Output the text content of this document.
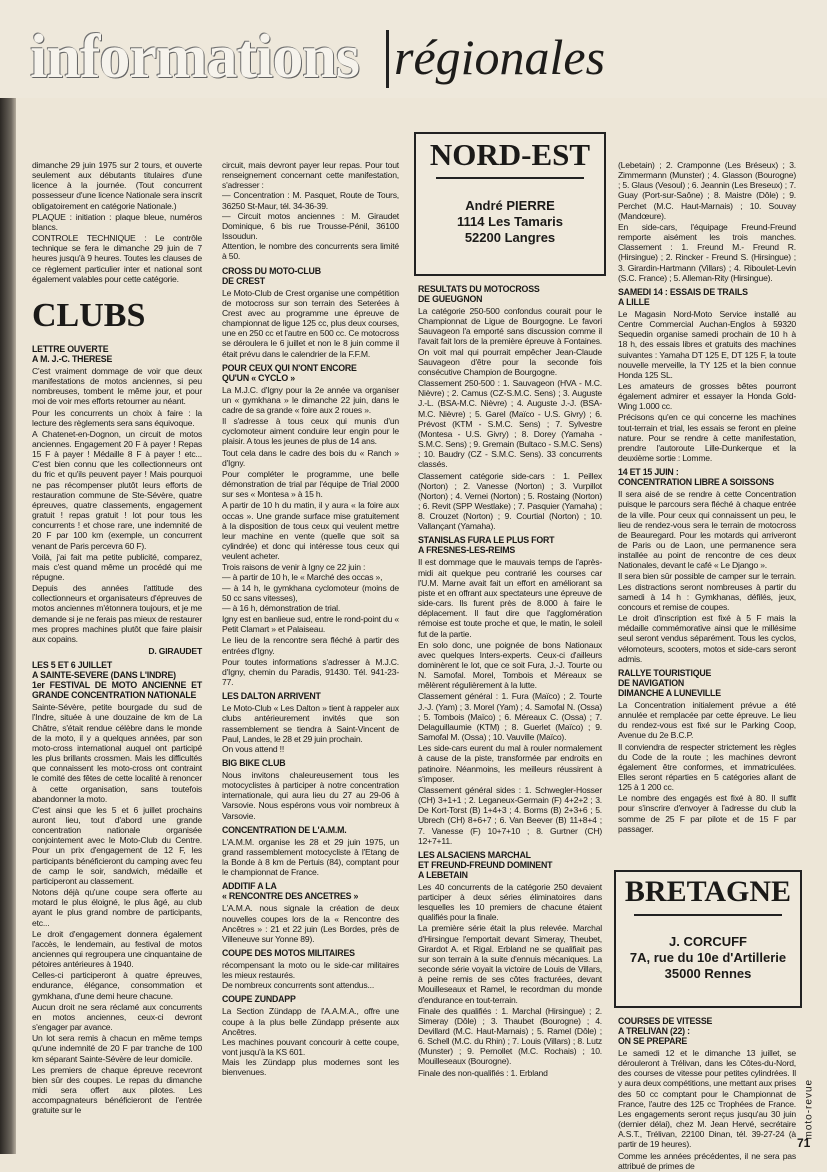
informations régionales

dimanche 29 juin 1975 sur 2 tours, et ouverte seulement aux débutants titulaires d'une licence à la journée. (Tout concurrent possesseur d'une licence Nationale sera inscrit obligatoirement en catégorie Nationale.)

PLAQUE : initiation : plaque bleue, numéros blancs.

CONTROLE TECHNIQUE : Le contrôle technique se fera le dimanche 29 juin de 7 heures jusqu'à 9 heures. Toutes les clauses de ce règlement particulier inter et national sont également valables pour cette catégorie.

CLUBS
LETTRE OUVERTE
A M. J.-C. THERESE

C'est vraiment dommage de voir que deux manifestations de motos anciennes, si peu nombreuses, tombent le même jour, et pour moi de voir mes efforts retourner au néant.

Pour les concurrents un choix à faire : la lecture des règlements sera sans équivoque.

A Chatenet-en-Dognon, un circuit de motos anciennes. Engagement 20 F à payer ! Repas 15 F à payer ! Médaille 8 F à payer ! etc... C'est bien connu que les collectionneurs ont du fric et qu'ils peuvent payer ! Mais pourquoi ne pas récompenser plutôt leurs efforts de restauration commune de Ste-Sévère, quatre épreuves, quatre classements, engagement gratuit ! repas gratuit ! lot pour tous les concurrents ! et chose rare, une indemnité de 20 F par 100 km (exemple, un concurrent venant de Paris percevra 60 F).

Voilà, j'ai fait ma petite publicité, comparez, mais c'est quand même un procédé qui me répugne.

Depuis des années l'attitude des collectionneurs et organisateurs d'épreuves de motos anciennes m'étonnera toujours, et je me demande si je ne ferais pas mieux de restaurer mes propres machines plutôt que faire plaisir aux copains.

D. GIRAUDET
LES 5 ET 6 JUILLET
A SAINTE-SEVERE (DANS L'INDRE)
1er FESTIVAL DE MOTO ANCIENNE ET GRANDE CONCENTRATION NATIONALE

Sainte-Sévère, petite bourgade du sud de l'Indre, située à une douzaine de km de La Châtre, s'était rendue célèbre dans le monde de la moto, il y a quelques années, par son moto-cross international auquel ont participé les plus brillants crossmen. Mais les difficultés que connaissent les moto-cross ont contraint le comité des fêtes de cette localité à renoncer à cette organisation, sans toutefois abandonner la moto.

C'est ainsi que les 5 et 6 juillet prochains auront lieu, tout d'abord une grande concentration nationale organisée conjointement avec le Moto-Club du Centre. Pour un prix d'engagement de 12 F, les participants bénéficieront du camping avec feu de camp le soir, sandwich, médaille et participeront au classement.

Notons déjà qu'une coupe sera offerte au motard le plus éloigné, le plus âgé, au club ayant le plus grand nombre de participants, etc...

Le droit d'engagement donnera également l'accès, le lendemain, au festival de motos anciennes qui regroupera une cinquantaine de pétoires antérieures à 1940.

Celles-ci participeront à quatre épreuves, endurance, élégance, consommation et gymkhana, d'une demi heure chacune.

Aucun droit ne sera réclamé aux concurrents en motos anciennes, ceux-ci devront s'engager par avance.

Un lot sera remis à chacun en même temps qu'une indemnité de 20 F par tranche de 100 km séparant Sainte-Sévère de leur domicile.

Les premiers de chaque épreuve recevront bien sûr des coupes. Le repas du dimanche midi sera offert aux pilotes. Les accompagnateurs bénéficieront de l'entrée gratuite sur le

circuit, mais devront payer leur repas. Pour tout renseignement concernant cette manifestation, s'adresser :
— Concentration : M. Pasquet, Route de Tours, 36250 St-Maur, tél. 34-36-39.
— Circuit motos anciennes : M. Giraudet Dominique, 6 bis rue Trousse-Pénil, 36100 Issoudun.
Attention, le nombre des concurrents sera limité à 50.

CROSS DU MOTO-CLUB
DE CREST

Le Moto-Club de Crest organise une compétition de motocross sur son terrain des Seterées à Crest avec au programme une épreuve de championnat de ligue 125 cc, plus deux courses, une en 250 cc et l'autre en 500 cc. Ce motocross se déroulera le 6 juillet et non le 8 juin comme il était prévu dans le calendrier de la F.F.M.

POUR CEUX QUI N'ONT ENCORE
QU'UN « CYCLO »

La M.J.C. d'Igny pour la 2e année va organiser un « gymkhana » le dimanche 22 juin, dans le cadre de sa grande « foire aux 2 roues ».

Il s'adresse à tous ceux qui munis d'un cyclomoteur aiment conduire leur engin pour le plaisir. A tous les jeunes de plus de 14 ans.

Tout cela dans le cadre des bois du « Ranch » d'Igny.

Pour compléter le programme, une belle démonstration de trial par l'équipe de Trial 2000 sur ses « Montesa » à 15 h.

A partir de 10 h du matin, il y aura « la foire aux occas ». Une grande surface mise gratuitement à la disposition de tous ceux qui veulent mettre leur machine en vente (quelle que soit sa cylindrée) et donc qui intéresse tous ceux qui veulent acheter.

Trois raisons de venir à Igny ce 22 juin :
— à partir de 10 h, le « Marché des occas »,
— à 14 h, le gymkhana cyclomoteur (moins de 50 cc sans vitesses),
— à 16 h, démonstration de trial.

Igny est en banlieue sud, entre le rond-point du « Petit Clamart » et Palaiseau.

Le lieu de la rencontre sera fléché à partir des entrées d'Igny.

Pour toutes informations s'adresser à M.J.C. d'Igny, chemin du Paradis, 91430. Tél. 941-23-77.

LES DALTON ARRIVENT

Le Moto-Club « Les Dalton » tient à rappeler aux clubs antérieurement invités que son rassemblement se tiendra à Saint-Vincent de Paul, Landes, le 28 et 29 juin prochain.
On vous attend !!

BIG BIKE CLUB

Nous invitons chaleureusement tous les motocyclistes à participer à notre concentration internationale, qui aura lieu du 27 au 29-06 à Varsovie. Nous espérons vous voir nombreux à Varsovie.

CONCENTRATION DE L'A.M.M.

L'A.M.M. organise les 28 et 29 juin 1975, un grand rassemblement motocycliste à l'Etang de la Bonde à 8 km de Pertuis (84), comptant pour le championnat de France.

ADDITIF A LA
« RENCONTRE DES ANCETRES »

L'A.M.A. nous signale la création de deux nouvelles coupes lors de la « Rencontre des Ancêtres » : 21 et 22 juin (Les Bordes, près de Villeneuve sur Yonne 89).

COUPE DES MOTOS MILITAIRES

récompensant la moto ou le side-car militaires les mieux restaurés.
De nombreux concurrents sont attendus...

COUPE ZUNDAPP

La Section Zündapp de l'A.A.M.A., offre une coupe à la plus belle Zündapp présente aux Ancêtres.
Les machines pouvant concourir à cette coupe, vont jusqu'à la KS 601.
Mais les Zündapp plus modernes sont les bienvenues.

NORD-EST
André PIERRE
1114 Les Tamaris
52200 Langres
RESULTATS DU MOTOCROSS
DE GUEUGNON

La catégorie 250-500 confondus courait pour le Championnat de Ligue de Bourgogne. Le favori Sauvageon l'a emporté sans discussion comme il l'avait fait lors de la première épreuve à Fontaines. On voit mal qui pourrait empêcher Jean-Claude Sauvageon d'être pour la seconde fois consécutive Champion de Bourgogne.

Classement 250-500 : 1. Sauvageon (HVA - M.C. Nièvre) ; 2. Camus (CZ-S.M.C. Sens) ; 3. Auguste J.-L. (BSA-M.C. Nièvre) ; 4. Auguste J.-J. (BSA-M.C. Nièvre) ; 5. Garel (Maïco - U.S. Givry) ; 6. Prévost (KTM - S.M.C. Sens) ; 7. Sylvestre (Montesa - U.S. Givry) ; 8. Dorey (Yamaha - S.M.C. Sens) ; 9. Gremain (Bultaco - S.M.C. Sens) ; 10. Baudry (CZ - S.M.C. Sens). 33 concurrents classés.

Classement catégorie side-cars : 1. Peillex (Norton) ; 2. Vanesse (Norton) ; 3. Vurpillot (Norton) ; 4. Vernei (Norton) ; 5. Rostaing (Norton) ; 6. Revit (SPP Westlake) ; 7. Pasquier (Yamaha) ; 8. Crouzet (Norton) ; 9. Courtial (Norton) ; 10. Vallançant (Yamaha).

STANISLAS FURA LE PLUS FORT
A FRESNES-LES-REIMS

Il est dommage que le mauvais temps de l'après-midi ait quelque peu contrarié les courses car l'U.M. Marne avait fait un effort en améliorant sa piste et en offrant aux spectateurs une épreuve de side-cars. Ils furent près de 8.000 à faire le déplacement. Il faut dire que l'agglomération rémoise est toute proche et que, le matin, le soleil fut de la partie.

En solo donc, une poignée de bons Nationaux avec quelques Inters-experts. Ceux-ci d'ailleurs dominèrent le lot, que ce soit Fura, J.-J. Tourte ou N. Samofal. Morel, Tombois et Méreaux se mêlèrent régulièrement à la lutte.

Classement général : 1. Fura (Maïco) ; 2. Tourte J.-J. (Yam) ; 3. Morel (Yam) ; 4. Samofal N. (Ossa) ; 5. Tombois (Maïco) ; 6. Méreaux C. (Ossa) ; 7. Delaguillaumie (KTM) ; 8. Guerlet (Maïco) ; 9. Samofal M. (Ossa) ; 10. Vauville (Maïco).

Les side-cars eurent du mal à rouler normalement à cause de la piste, transformée par endroits en patinoire. Néanmoins, les meilleurs réussirent à s'imposer.

Classement général sides : 1. Schwegler-Hosser (CH) 3+1+1 ; 2. Leganeux-Germain (F) 4+2+2 ; 3. De Kort-Torst (B) 1+4+3 ; 4. Borms (B) 2+3+6 ; 5. Ubrech (CH) 8+6+7 ; 6. Van Beever (B) 11+8+4 ; 7. Vanesse (F) 10+7+10 ; 8. Gurtner (CH) 12+7+11.

LES ALSACIENS MARCHAL
ET FREUND-FREUND DOMINENT
A LEBETAIN

Les 40 concurrents de la catégorie 250 devaient participer à deux séries éliminatoires dans lesquelles les 10 premiers de chacune étaient qualifiés pour la finale.

La première série était la plus relevée. Marchal d'Hirsingue l'emportait devant Simeray, Theubet, Girardot A. et Rigal. Erbland ne se qualifiait pas sur son terrain à la suite d'ennuis mécaniques. La seconde série voyait la victoire de Louis de Villars, à peine remis de ses côtes fracturées, devant Mouilleseaux et Ramel, le recordman du monde d'endurance en tout-terrain.

Finale des qualifiés : 1. Marchal (Hirsingue) ; 2. Simeray (Dôle) ; 3. Thaubet (Bourogne) ; 4. Devillard (M.C. Haut-Marnais) ; 5. Ramel (Dôle) ; 6. Schell (M.C. du Rhin) ; 7. Louis (Villars) ; 8. Lutz (Munster) ; 9. Pernollet (M.C. Rochais) ; 10. Mouilleseaux (Bourogne).

Finale des non-qualifiés : 1. Erbland

(Lebetain) ; 2. Cramponne (Les Bréseux) ; 3. Zimmermann (Munster) ; 4. Glasson (Bourogne) ; 5. Glaus (Vesoul) ; 6. Jeannin (Les Breseux) ; 7. Guay (Port-sur-Saône) ; 8. Maistre (Dôle) ; 9. Perchet (M.C. Haut-Marnais) ; 10. Souvay (Mandœure).

En side-cars, l'équipage Freund-Freund remporte aisément les trois manches. Classement : 1. Freund M.- Freund R. (Hirsingue) ; 2. Rincker - Freund S. (Hirsingue) ; 3. Girardin-Hartmann (Villars) ; 4. Riboulet-Levin (S.C. France) ; 5. Alleman-Rity (Hirsingue).

SAMEDI 14 : ESSAIS DE TRAILS
A LILLE

Le Magasin Nord-Moto Service installé au Centre Commercial Auchan-Englos à 59320 Sequedin organise samedi prochain de 10 h à 18 h, des essais libres et gratuits des machines suivantes : Yamaha DT 125 E, DT 125 F, la toute nouvelle merveille, la TY 125 et la bien connue Honda 125 SL.

Les amateurs de grosses bêtes pourront également admirer et essayer la Honda Gold-Wing 1.000 cc.

Précisons qu'en ce qui concerne les machines tout-terrain et trial, les essais se feront en pleine nature. Pour se rendre à cette manifestation, prendre l'autoroute Lille-Dunkerque et la deuxième sortie : Lomme.

14 ET 15 JUIN :
CONCENTRATION LIBRE A SOISSONS

Il sera aisé de se rendre à cette Concentration puisque le parcours sera fléché à chaque entrée de la ville. Pour ceux qui connaissent un peu, le lieu de rendez-vous sera le terrain de motocross de Beauregard. Pour les motards qui arriveront de Paris ou de Laon, une permanence sera installée au point de rencontre de ces deux Nationales, devant le café « Le Django ».

Il sera bien sûr possible de camper sur le terrain. Les distractions seront nombreuses à partir du samedi à 14 h : Gymkhanas, défilés, jeux, concours et remise de coupes.

Le droit d'inscription est fixé à 5 F mais la médaille commémorative ainsi que le millésime seul seront vendus séparément. Tous les cyclos, vélomoteurs, scooters, motos et side-cars seront admis.

RALLYE TOURISTIQUE
DE NAVIGATION
DIMANCHE A LUNEVILLE

La Concentration initialement prévue a été annulée et remplacée par cette épreuve. Le lieu du rendez-vous est fixé sur le Parking Coop, Avenue du 2e B.C.P.

Il conviendra de respecter strictement les règles du Code de la route ; les machines devront également être conformes, et immatriculées. Elles seront réparties en 5 catégories allant de 125 à 1 200 cc.

Le nombre des engagés est fixé à 80. Il suffit pour s'inscrire d'envoyer à l'adresse du club la somme de 25 F par pilote et de 15 F par passager.

BRETAGNE
J. CORCUFF
7A, rue du 10e d'Artillerie
35000 Rennes
COURSES DE VITESSE
A TRELIVAN (22) :
ON SE PREPARE

Le samedi 12 et le dimanche 13 juillet, se dérouleront à Trélivan, dans les Côtes-du-Nord, des courses de vitesse pour petites cylindrées. Il y aura deux compétitions, une mettant aux prises des 50 cc comptant pour le Championnat de France, l'autre des 125 cc Trophées de France. Les engagements seront reçus jusqu'au 30 juin (dernier délai), chez M. Jean Hervé, secrétaire A.S.T., Trélivan, 22100 Dinan, tél. 39-27-24 (à partir de 19 heures).

Comme les années précédentes, il ne sera pas attribué de primes de

moto-revue
71
